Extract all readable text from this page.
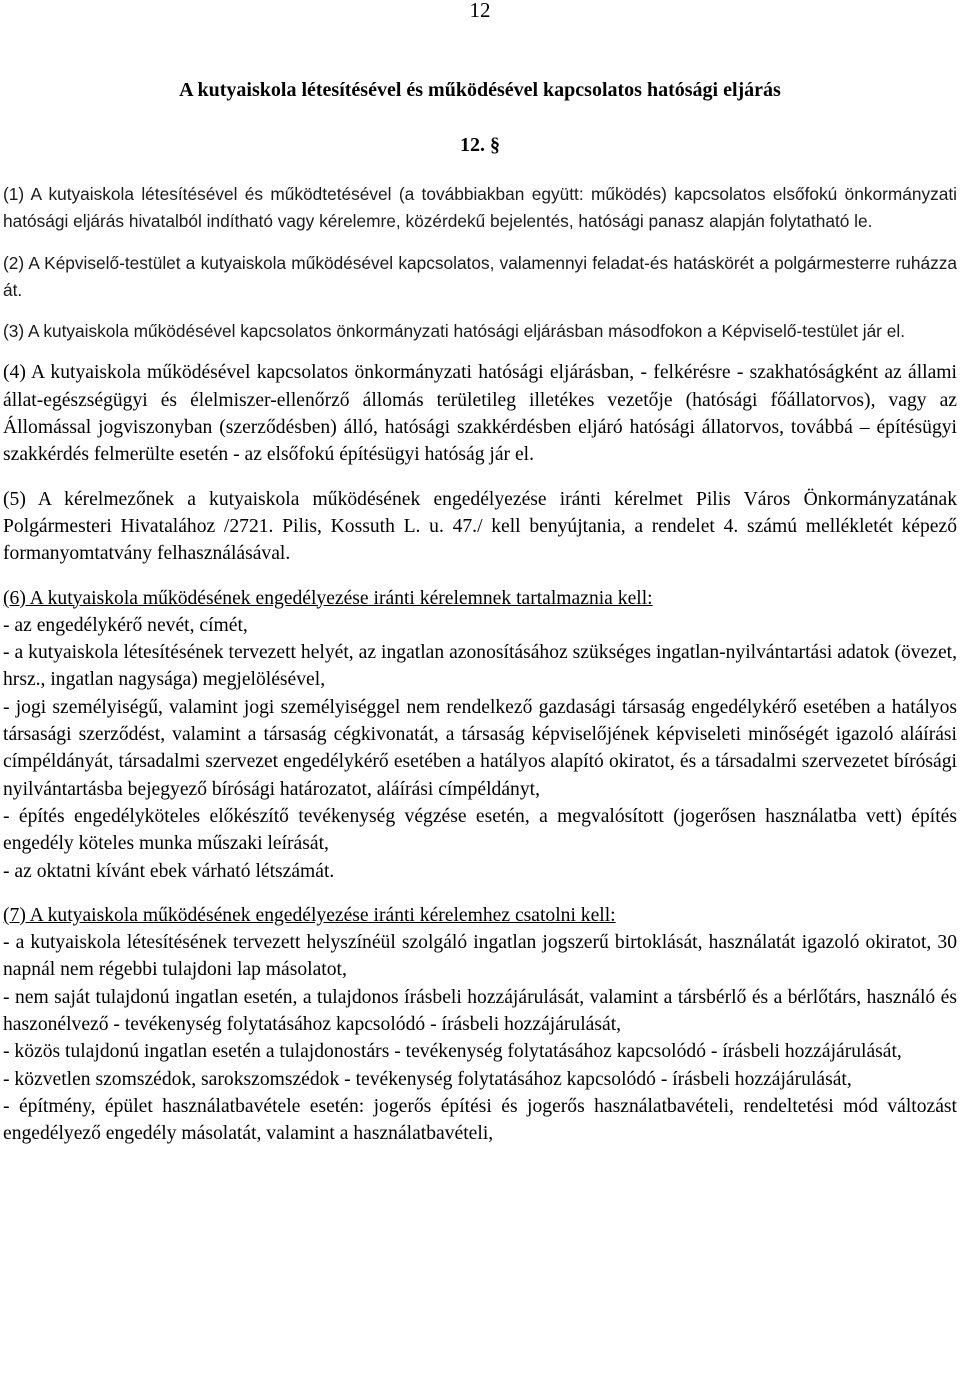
12
A kutyaiskola létesítésével és működésével kapcsolatos hatósági eljárás
12. §

(1) A kutyaiskola létesítésével és működtetésével (a továbbiakban együtt: működés) kapcsolatos elsőfokú önkormányzati hatósági eljárás hivatalból indítható vagy kérelemre, közérdekű bejelentés, hatósági panasz alapján folytatható le.

(2) A Képviselő-testület a kutyaiskola működésével kapcsolatos, valamennyi feladat-és hatáskörét a polgármesterre ruházza át.

(3) A kutyaiskola működésével kapcsolatos önkormányzati hatósági eljárásban másodfokon a Képviselő-testület jár el.

(4) A kutyaiskola működésével kapcsolatos önkormányzati hatósági eljárásban, - felkérésre - szakhatóságként az állami állat-egészségügyi és élelmiszer-ellenőrző állomás területileg illetékes vezetője (hatósági főállatorvos), vagy az Állomással jogviszonyban (szerződésben) álló, hatósági szakkérdésben eljáró hatósági állatorvos, továbbá – építésügyi szakkérdés felmerülte esetén - az elsőfokú építésügyi hatóság jár el.

(5) A kérelmezőnek a kutyaiskola működésének engedélyezése iránti kérelmet Pilis Város Önkormányzatának Polgármesteri Hivatalához /2721. Pilis, Kossuth L. u. 47./ kell benyújtania, a rendelet 4. számú mellékletét képező formanyomtatvány felhasználásával.

(6) A kutyaiskola működésének engedélyezése iránti kérelemnek tartalmaznia kell:

- az engedélykérő nevét, címét,

- a kutyaiskola létesítésének tervezett helyét, az ingatlan azonosításához szükséges ingatlan-nyilvántartási adatok (övezet, hrsz., ingatlan nagysága) megjelölésével,

- jogi személyiségű, valamint jogi személyiséggel nem rendelkező gazdasági társaság engedélykérő esetében a hatályos társasági szerződést, valamint a társaság cégkivonatát, a társaság képviselőjének képviseleti minőségét igazoló aláírási címpéldányát, társadalmi szervezet engedélykérő esetében a hatályos alapító okiratot, és a társadalmi szervezetet bírósági nyilvántartásba bejegyező bírósági határozatot, aláírási címpéldányt,

- építés engedélyköteles előkészítő tevékenység végzése esetén, a megvalósított (jogerősen használatba vett) építés engedély köteles munka műszaki leírását,

- az oktatni kívánt ebek várható létszámát.

(7) A kutyaiskola működésének engedélyezése iránti kérelemhez csatolni kell:

- a kutyaiskola létesítésének tervezett helyszínéül szolgáló ingatlan jogszerű birtoklását, használatát igazoló okiratot, 30 napnál nem régebbi tulajdoni lap másolatot,

- nem saját tulajdonú ingatlan esetén, a tulajdonos írásbeli hozzájárulását, valamint a társbérlő és a bérlőtárs, használó és haszonélvező - tevékenység folytatásához kapcsolódó - írásbeli hozzájárulását,

- közös tulajdonú ingatlan esetén a tulajdonostárs - tevékenység folytatásához kapcsolódó - írásbeli hozzájárulását,

- közvetlen szomszédok, sarokszomszédok - tevékenység folytatásához kapcsolódó - írásbeli hozzájárulását,

- építmény, épület használatbavétele esetén: jogerős építési és jogerős használatbavételi, rendeltetési mód változást engedélyező engedély másolatát, valamint a használatbavételi,
